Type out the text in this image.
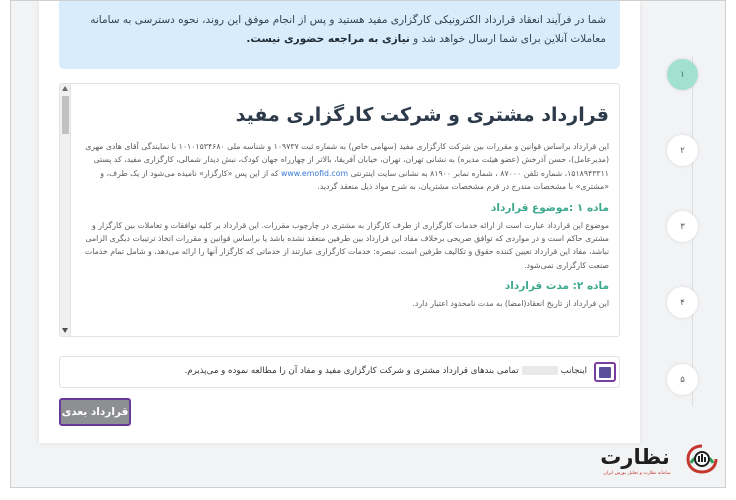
شما در فرآیند انعقاد قرارداد الکترونیکی کارگزاری مفید هستید و پس از انجام موفق این روند، نحوه دسترسی به سامانه
معاملات آنلاین برای شما ارسال خواهد شد و نیازی به مراجعه حضوری نیست.
قرارداد مشتری و شرکت کارگزاری مفید
این قرارداد براساس قوانین و مقررات بین شرکت کارگزاری مفید (سهامی خاص) به شماره ثبت ۱۰۹۷۳۷ و شناسه ملی ۱۰۱۰۱۵۳۴۶۸۰ با نمایندگی آقای هادی مهری (مدیرعامل)، حسن آذرخش (عضو هیئت مدیره) به نشانی تهران، تهران، خیابان آفریقا، بالاتر از چهارراه جهان کودک، نبش دیدار شمالی، کارگزاری مفید، کد پستی ۱۵۱۸۹۴۳۳۱۱، شماره تلفن ۸۷۰۰۰ ، شماره نمابر ۸۱۹۰۰ به نشانی سایت اینترنتی www.emofid.com که از این پس «کارگزار» نامیده می‌شود از یک طرف، و «مشتری» با مشخصات مندرج در فرم مشخصات مشتریان، به شرح مواد ذیل منعقد گردید.
ماده ۱ :موضوع قرارداد
موضوع این قرارداد عبارت است از ارائه خدمات کارگزاری از طرف کارگزار به مشتری در چارچوب مقررات. این قرارداد بر کلیه توافقات و تعاملات بین کارگزار و مشتری حاکم است و در مواردی که توافق صریحی برخلاف مفاد این قرارداد بین طرفین منعقد نشده باشد یا براساس قوانین و مقررات اتخاذ ترتیبات دیگری الزامی نباشد، مفاد این قرارداد تعیین کننده حقوق و تکالیف طرفین است. تبصره: خدمات کارگزاری عبارتند از خدماتی که کارگزار آنها را ارائه می‌دهد، و شامل تمام خدمات صنعت کارگزاری نمی‌شود.
ماده ۲: مدت قرارداد
این قرارداد از تاریخ انعقاد(امضا) به مدت نامحدود اعتبار دارد.
اینجانبتمامی بندهای قرارداد مشتری و شرکت کارگزاری مفید و مفاد آن را مطالعه نموده و می‌پذیرم.
قرارداد بعدی
۱
۲
۳
۴
۵
نظارت
سامانه نظارت و تحلیل بورس ایران
